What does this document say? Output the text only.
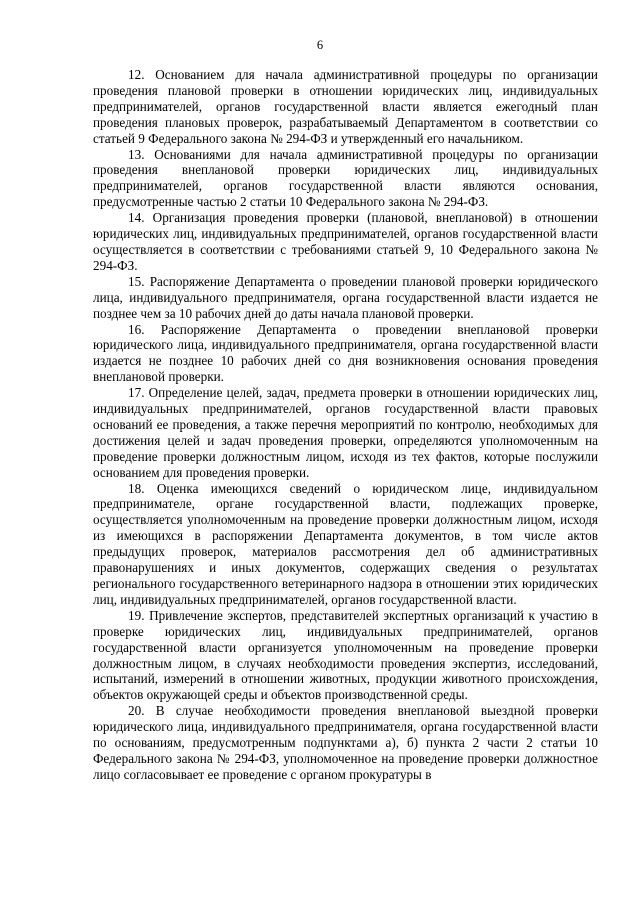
6

12. Основанием для начала административной процедуры по организации проведения плановой проверки в отношении юридических лиц, индивидуальных предпринимателей, органов государственной власти является ежегодный план проведения плановых проверок, разрабатываемый Департаментом в соответствии со статьей 9 Федерального закона № 294-ФЗ и утвержденный его начальником.

13. Основаниями для начала административной процедуры по организации проведения внеплановой проверки юридических лиц, индивидуальных предпринимателей, органов государственной власти являются основания, предусмотренные частью 2 статьи 10 Федерального закона № 294-ФЗ.

14. Организация проведения проверки (плановой, внеплановой) в отношении юридических лиц, индивидуальных предпринимателей, органов государственной власти осуществляется в соответствии с требованиями статьей 9, 10 Федерального закона № 294-ФЗ.

15. Распоряжение Департамента о проведении плановой проверки юридического лица, индивидуального предпринимателя, органа государственной власти издается не позднее чем за 10 рабочих дней до даты начала плановой проверки.

16. Распоряжение Департамента о проведении внеплановой проверки юридического лица, индивидуального предпринимателя, органа государственной власти издается не позднее 10 рабочих дней со дня возникновения основания проведения внеплановой проверки.

17. Определение целей, задач, предмета проверки в отношении юридических лиц, индивидуальных предпринимателей, органов государственной власти правовых оснований ее проведения, а также перечня мероприятий по контролю, необходимых для достижения целей и задач проведения проверки, определяются уполномоченным на проведение проверки должностным лицом, исходя из тех фактов, которые послужили основанием для проведения проверки.

18. Оценка имеющихся сведений о юридическом лице, индивидуальном предпринимателе, органе государственной власти, подлежащих проверке, осуществляется уполномоченным на проведение проверки должностным лицом, исходя из имеющихся в распоряжении Департамента документов, в том числе актов предыдущих проверок, материалов рассмотрения дел об административных правонарушениях и иных документов, содержащих сведения о результатах регионального государственного ветеринарного надзора в отношении этих юридических лиц, индивидуальных предпринимателей, органов государственной власти.

19. Привлечение экспертов, представителей экспертных организаций к участию в проверке юридических лиц, индивидуальных предпринимателей, органов государственной власти организуется уполномоченным на проведение проверки должностным лицом, в случаях необходимости проведения экспертиз, исследований, испытаний, измерений в отношении животных, продукции животного происхождения, объектов окружающей среды и объектов производственной среды.

20. В случае необходимости проведения внеплановой выездной проверки юридического лица, индивидуального предпринимателя, органа государственной власти по основаниям, предусмотренным подпунктами а), б) пункта 2 части 2 статьи 10 Федерального закона № 294-ФЗ, уполномоченное на проведение проверки должностное лицо согласовывает ее проведение с органом прокуратуры в
